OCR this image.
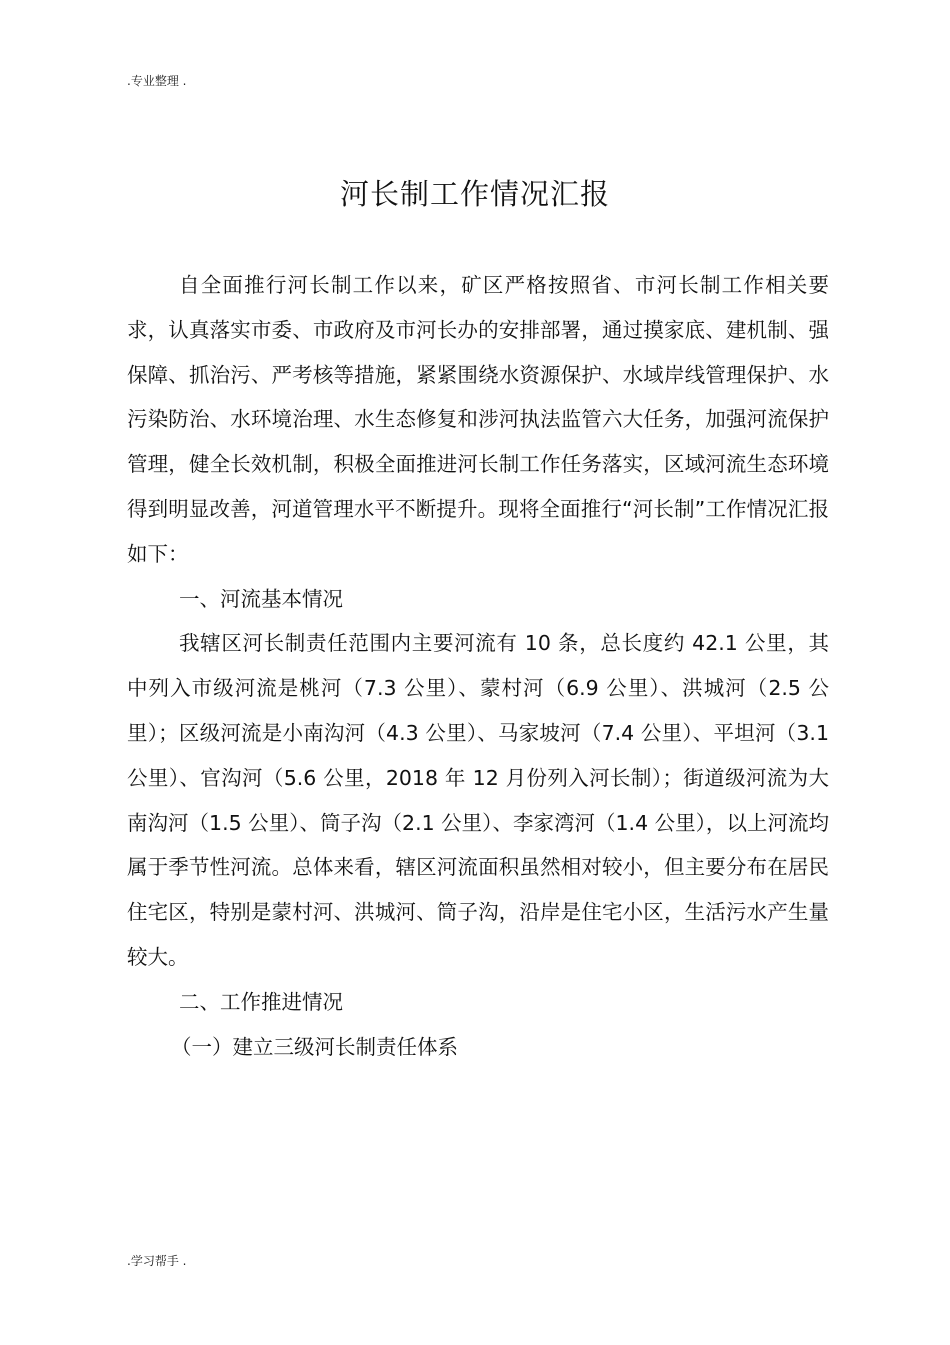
.专业整理 .
河长制工作情况汇报

自全面推行河长制工作以来，矿区严格按照省、市河长制工作相关要求，认真落实市委、市政府及市河长办的安排部署，通过摸家底、建机制、强保障、抓治污、严考核等措施，紧紧围绕水资源保护、水域岸线管理保护、水污染防治、水环境治理、水生态修复和涉河执法监管六大任务，加强河流保护管理，健全长效机制，积极全面推进河长制工作任务落实，区域河流生态环境得到明显改善，河道管理水平不断提升。现将全面推行“河长制”工作情况汇报如下：

一、河流基本情况

我辖区河长制责任范围内主要河流有 10 条，总长度约 42.1 公里，其中列入市级河流是桃河（7.3 公里）、蒙村河（6.9 公里）、洪城河（2.5 公里）；区级河流是小南沟河（4.3 公里）、马家坡河（7.4 公里）、平坦河（3.1 公里）、官沟河（5.6 公里，2018 年 12 月份列入河长制）；街道级河流为大南沟河（1.5 公里）、筒子沟（2.1 公里）、李家湾河（1.4 公里），以上河流均属于季节性河流。总体来看，辖区河流面积虽然相对较小，但主要分布在居民住宅区，特别是蒙村河、洪城河、筒子沟，沿岸是住宅小区，生活污水产生量较大。

二、工作推进情况

（一）建立三级河长制责任体系

.学习帮手 .
